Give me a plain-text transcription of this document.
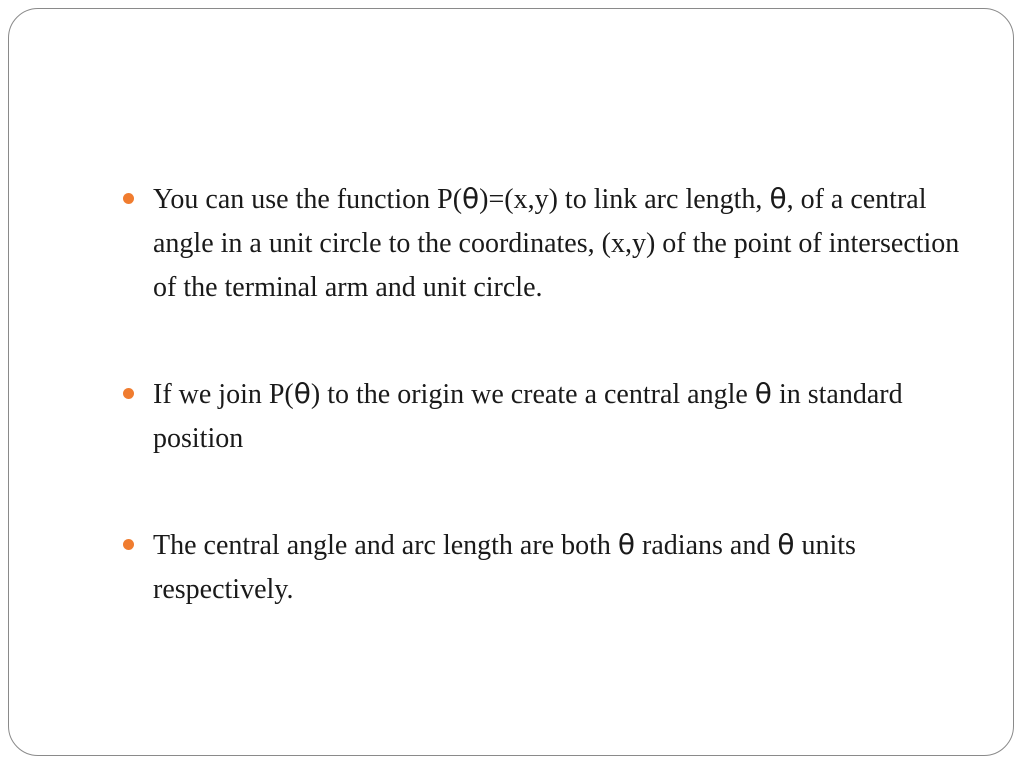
You can use the function P(θ)=(x,y) to link arc length, θ, of a central angle in a unit circle to the coordinates, (x,y) of the point of intersection of the terminal arm and unit circle.
If we join P(θ) to the origin we create a central angle θ in standard position
The central angle and arc length are both θ radians and θ units respectively.
